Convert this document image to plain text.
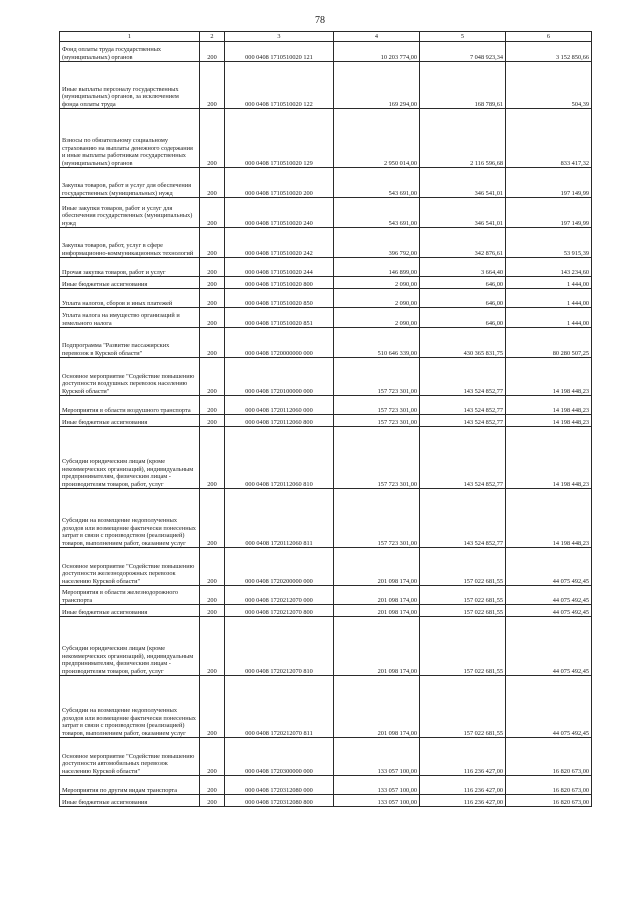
78
1	2	3	4	5	6
Фонд оплаты труда государственных (муниципальных) органов	200	000 0408 1710510020 121	10 203 774,00	7 048 923,34	3 152 850,66
Иные выплаты персоналу государственных (муниципальных) органов, за исключением фонда оплаты труда	200	000 0408 1710510020 122	169 294,00	168 789,61	504,39
Взносы по обязательному социальному страхованию на выплаты денежного содержания и иные выплаты работникам государственных (муниципальных) органов	200	000 0408 1710510020 129	2 950 014,00	2 116 596,68	833 417,32
Закупка товаров, работ и услуг для обеспечения государственных (муниципальных) нужд	200	000 0408 1710510020 200	543 691,00	346 541,01	197 149,99
Иные закупки товаров, работ и услуг для обеспечения государственных (муниципальных) нужд	200	000 0408 1710510020 240	543 691,00	346 541,01	197 149,99
Закупка товаров, работ, услуг в сфере информационно-коммуникационных технологий	200	000 0408 1710510020 242	396 792,00	342 876,61	53 915,39
Прочая закупка товаров, работ и услуг	200	000 0408 1710510020 244	146 899,00	3 664,40	143 234,60
Иные бюджетные ассигнования	200	000 0408 1710510020 800	2 090,00	646,00	1 444,00
Уплата налогов, сборов и иных платежей	200	000 0408 1710510020 850	2 090,00	646,00	1 444,00
Уплата налога на имущество организаций и земельного налога	200	000 0408 1710510020 851	2 090,00	646,00	1 444,00
Подпрограмма "Развитие пассажирских перевозок в Курской области"	200	000 0408 1720000000 000	510 646 339,00	430 365 831,75	80 280 507,25
Основное мероприятие "Содействие повышению доступности воздушных перевозок населению Курской области"	200	000 0408 1720100000 000	157 723 301,00	143 524 852,77	14 198 448,23
Мероприятия в области воздушного транспорта	200	000 0408 1720112060 000	157 723 301,00	143 524 852,77	14 198 448,23
Иные бюджетные ассигнования	200	000 0408 1720112060 800	157 723 301,00	143 524 852,77	14 198 448,23
Субсидии юридическим лицам (кроме некоммерческих организаций), индивидуальным предпринимателям, физическим лицам - производителям товаров, работ, услуг	200	000 0408 1720112060 810	157 723 301,00	143 524 852,77	14 198 448,23
Субсидии на возмещение недополученных доходов или возмещение фактически понесенных затрат в связи с производством (реализацией) товаров, выполнением работ, оказанием услуг	200	000 0408 1720112060 811	157 723 301,00	143 524 852,77	14 198 448,23
Основное мероприятие "Содействие повышению доступности железнодорожных перевозок населению Курской области"	200	000 0408 1720200000 000	201 098 174,00	157 022 681,55	44 075 492,45
Мероприятия в области железнодорожного транспорта	200	000 0408 1720212070 000	201 098 174,00	157 022 681,55	44 075 492,45
Иные бюджетные ассигнования	200	000 0408 1720212070 800	201 098 174,00	157 022 681,55	44 075 492,45
Субсидии юридическим лицам (кроме некоммерческих организаций), индивидуальным предпринимателям, физическим лицам - производителям товаров, работ, услуг	200	000 0408 1720212070 810	201 098 174,00	157 022 681,55	44 075 492,45
Субсидии на возмещение недополученных доходов или возмещение фактически понесенных затрат в связи с производством (реализацией) товаров, выполнением работ, оказанием услуг	200	000 0408 1720212070 811	201 098 174,00	157 022 681,55	44 075 492,45
Основное мероприятие "Содействие повышению доступности автомобильных перевозок населению Курской области"	200	000 0408 1720300000 000	133 057 100,00	116 236 427,00	16 820 673,00
Мероприятия по другим видам транспорта	200	000 0408 1720312080 000	133 057 100,00	116 236 427,00	16 820 673,00
Иные бюджетные ассигнования	200	000 0408 1720312080 800	133 057 100,00	116 236 427,00	16 820 673,00
